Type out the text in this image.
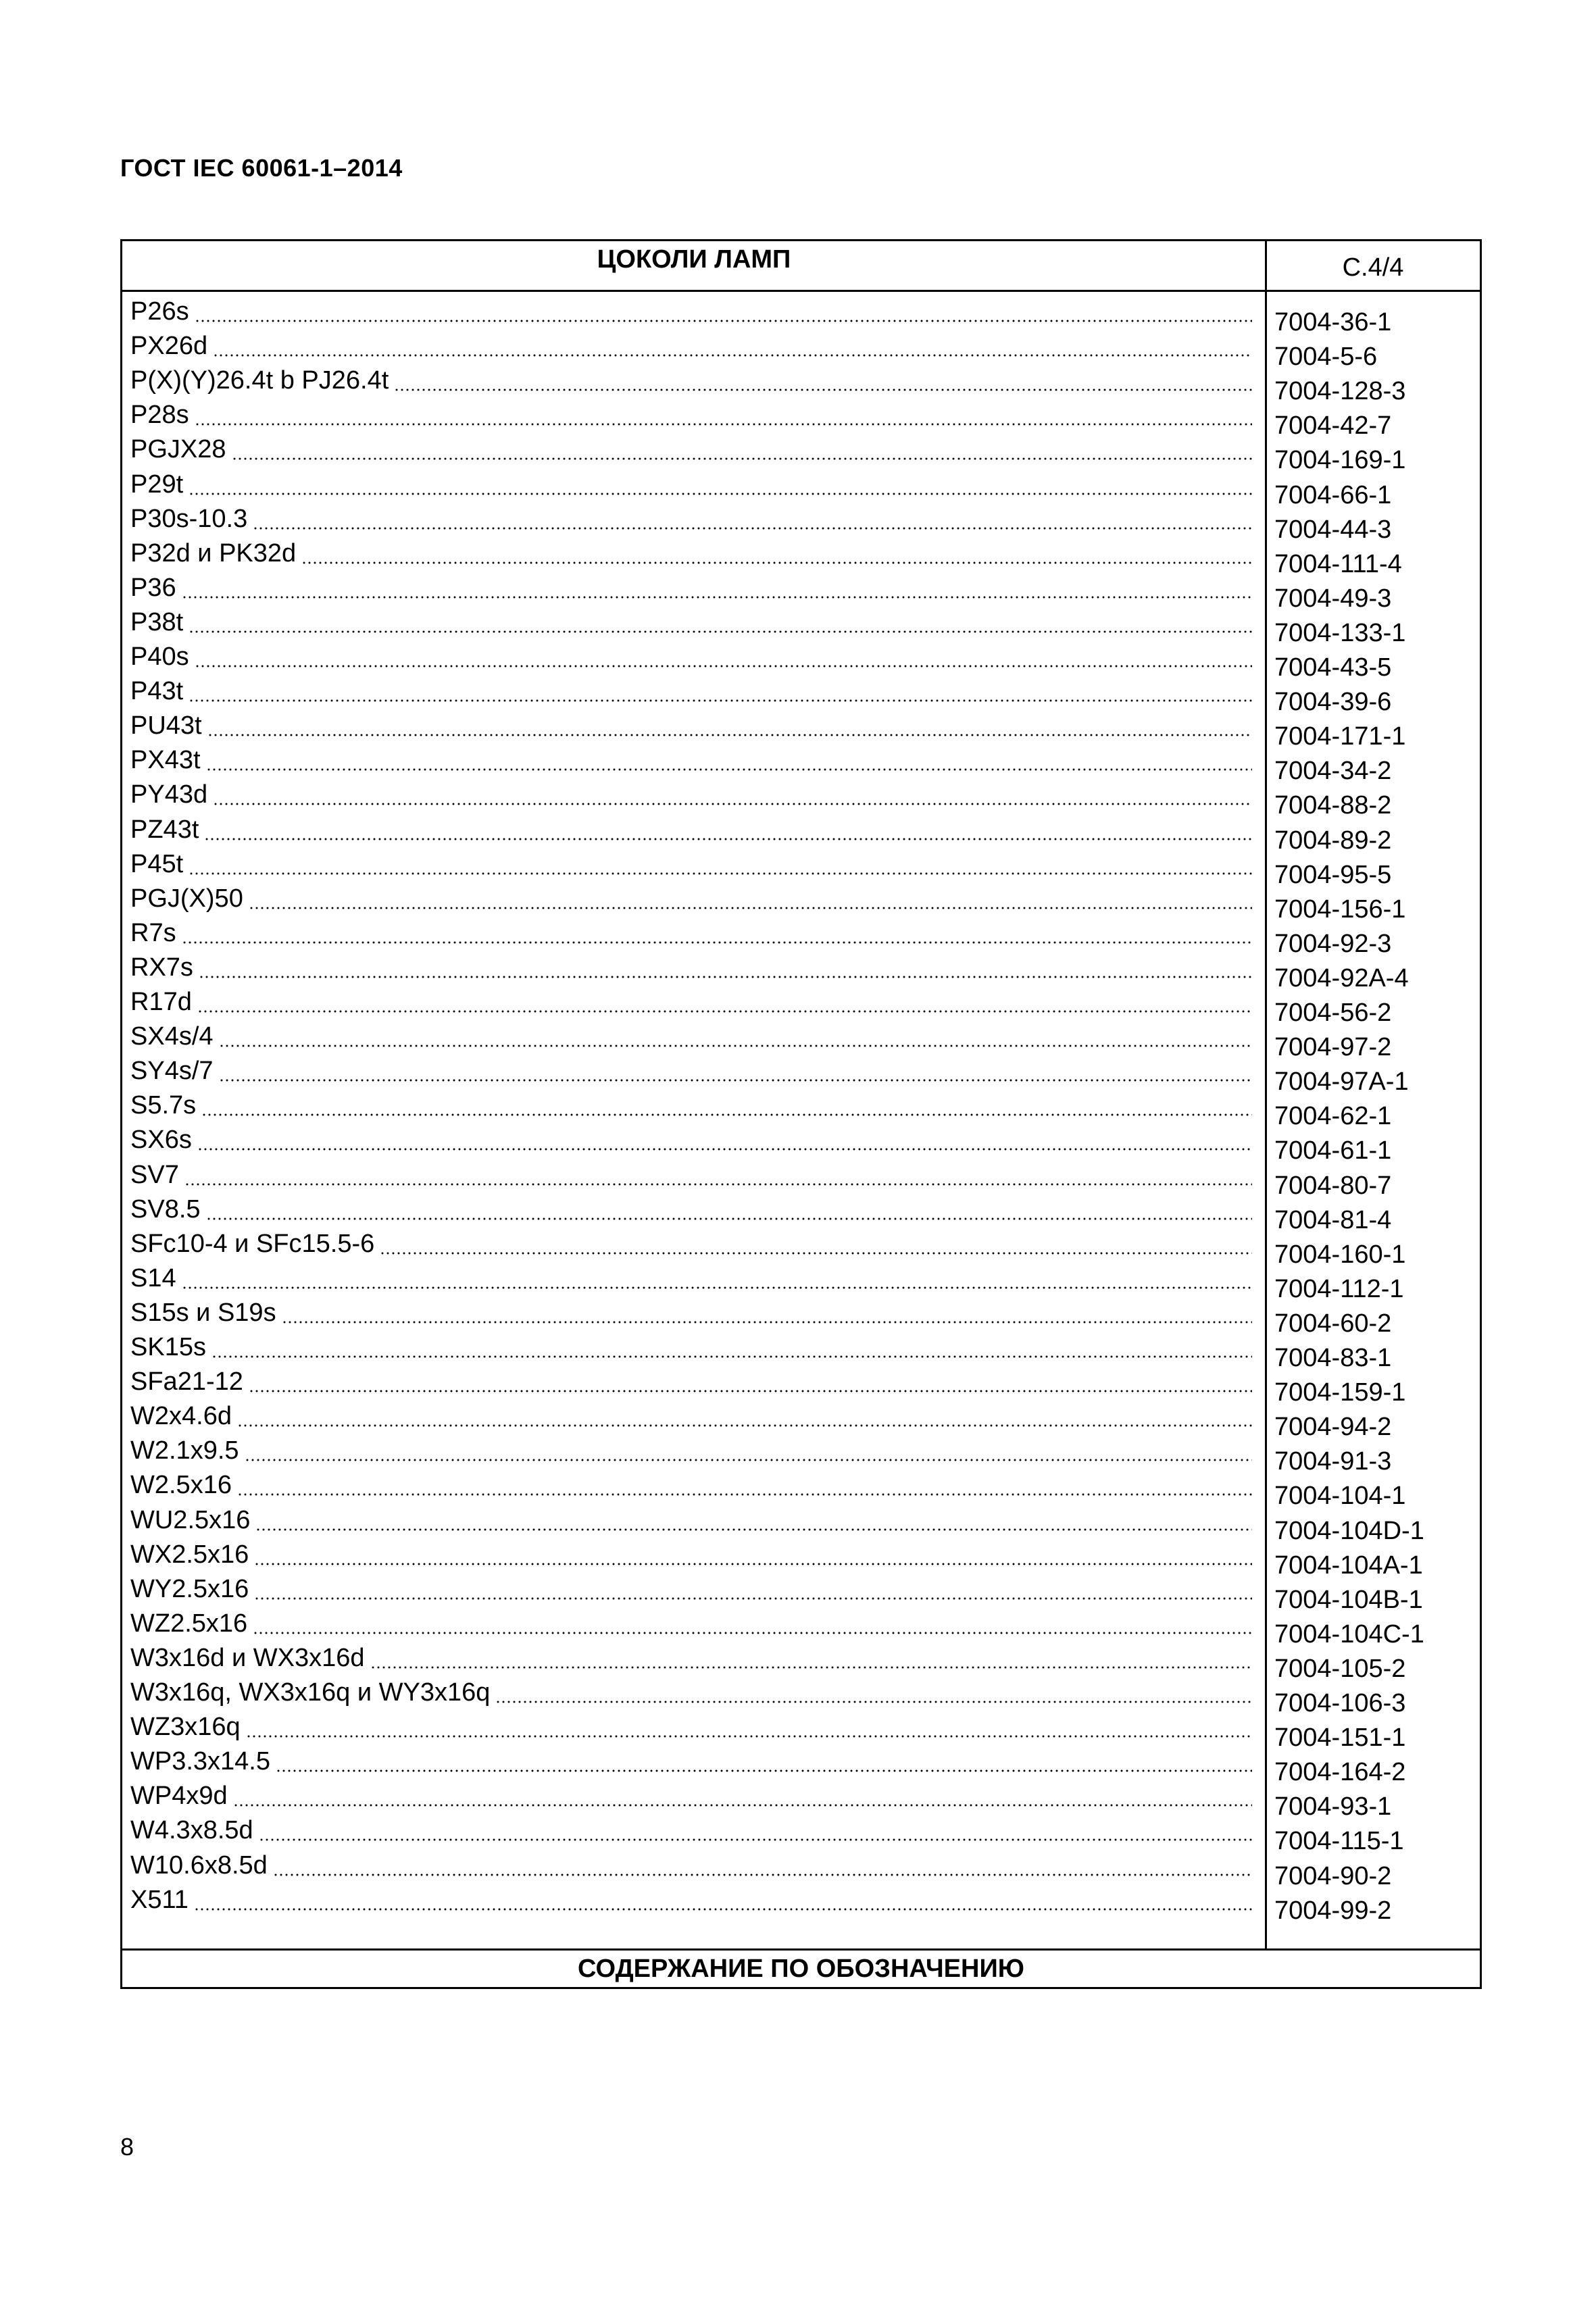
ГОСТ IEC 60061-1–2014
ЦОКОЛИ ЛАМП	С.4/4
P26s
PX26d
P(X)(Y)26.4t b PJ26.4t
P28s
PGJX28
P29t
P30s-10.3
P32d и PK32d
P36
P38t
P40s
P43t
PU43t
PX43t
PY43d
PZ43t
P45t
PGJ(X)50
R7s
RX7s
R17d
SX4s/4
SY4s/7
S5.7s
SX6s
SV7
SV8.5
SFc10-4 и SFc15.5-6
S14
S15s и S19s
SK15s
SFa21-12
W2x4.6d
W2.1x9.5
W2.5x16
WU2.5x16
WX2.5x16
WY2.5x16
WZ2.5x16
W3x16d и WX3x16d
W3x16q, WX3x16q и WY3x16q
WZ3x16q
WP3.3x14.5
WP4x9d
W4.3x8.5d
W10.6x8.5d
X511
7004-36-1
7004-5-6
7004-128-3
7004-42-7
7004-169-1
7004-66-1
7004-44-3
7004-111-4
7004-49-3
7004-133-1
7004-43-5
7004-39-6
7004-171-1
7004-34-2
7004-88-2
7004-89-2
7004-95-5
7004-156-1
7004-92-3
7004-92A-4
7004-56-2
7004-97-2
7004-97A-1
7004-62-1
7004-61-1
7004-80-7
7004-81-4
7004-160-1
7004-112-1
7004-60-2
7004-83-1
7004-159-1
7004-94-2
7004-91-3
7004-104-1
7004-104D-1
7004-104A-1
7004-104B-1
7004-104C-1
7004-105-2
7004-106-3
7004-151-1
7004-164-2
7004-93-1
7004-115-1
7004-90-2
7004-99-2
СОДЕРЖАНИЕ ПО ОБОЗНАЧЕНИЮ
8
